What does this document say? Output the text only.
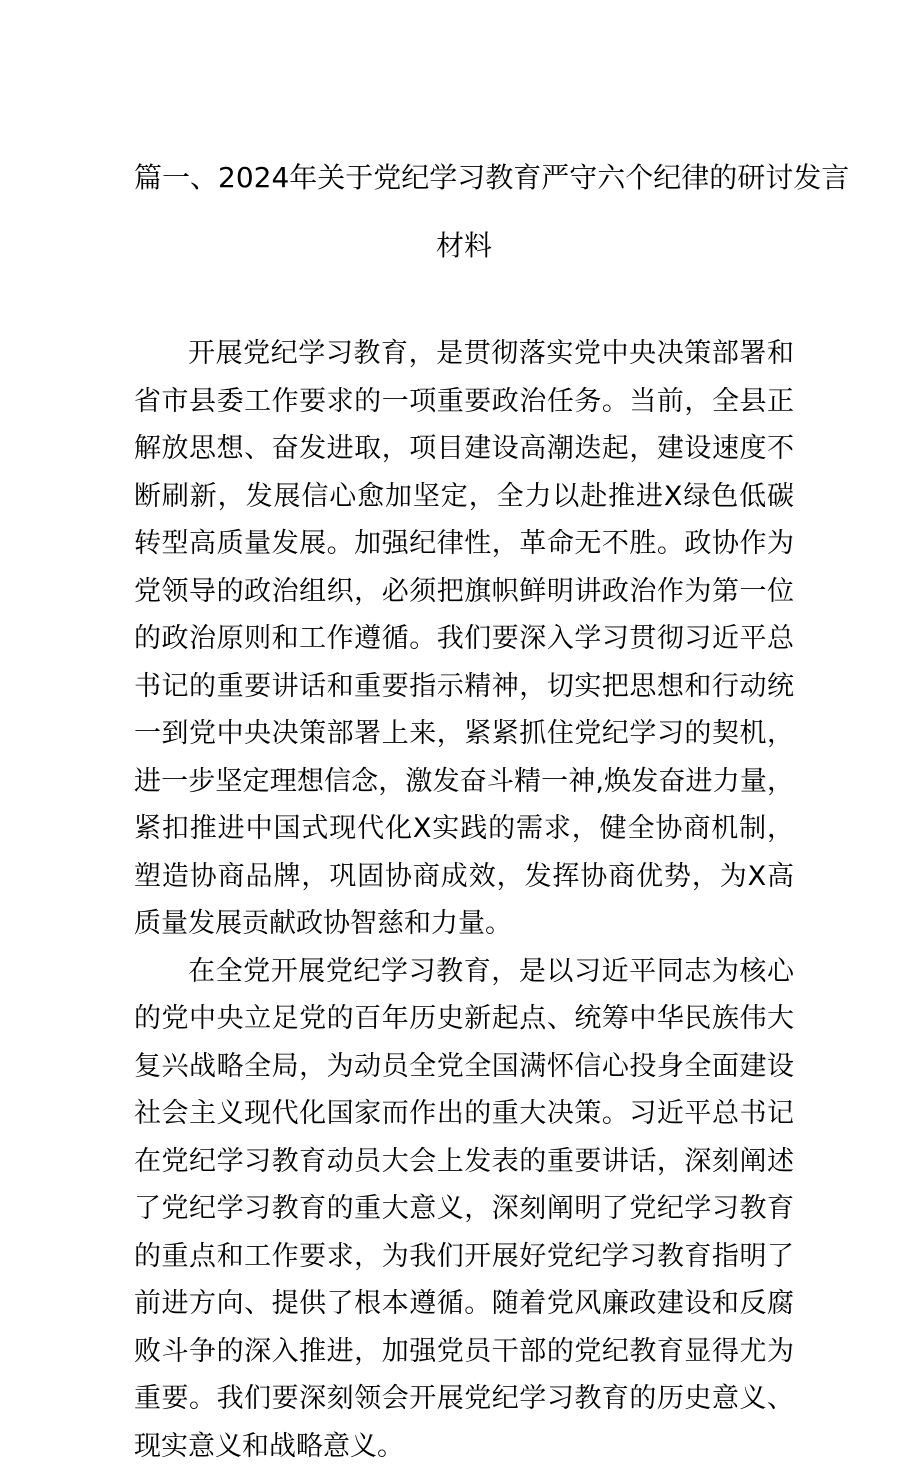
篇一、2024年关于党纪学习教育严守六个纪律的研讨发言
材料

开展党纪学习教育，是贯彻落实党中央决策部署和省市县委工作要求的一项重要政治任务。当前，全县正解放思想、奋发进取，项目建设高潮迭起，建设速度不断刷新，发展信心愈加坚定，全力以赴推进X绿色低碳转型高质量发展。加强纪律性，革命无不胜。政协作为党领导的政治组织，必须把旗帜鲜明讲政治作为第一位的政治原则和工作遵循。我们要深入学习贯彻习近平总书记的重要讲话和重要指示精神，切实把思想和行动统一到党中央决策部署上来，紧紧抓住党纪学习的契机，进一步坚定理想信念，激发奋斗精一神,焕发奋进力量，紧扣推进中国式现代化X实践的需求，健全协商机制，塑造协商品牌，巩固协商成效，发挥协商优势，为X高质量发展贡献政协智慈和力量。

在全党开展党纪学习教育，是以习近平同志为核心的党中央立足党的百年历史新起点、统筹中华民族伟大复兴战略全局，为动员全党全国满怀信心投身全面建设社会主义现代化国家而作出的重大决策。习近平总书记在党纪学习教育动员大会上发表的重要讲话，深刻阐述了党纪学习教育的重大意义，深刻阐明了党纪学习教育的重点和工作要求，为我们开展好党纪学习教育指明了前进方向、提供了根本遵循。随着党风廉政建设和反腐败斗争的深入推进，加强党员干部的党纪教育显得尤为重要。我们要深刻领会开展党纪学习教育的历史意义、现实意义和战略意义。
